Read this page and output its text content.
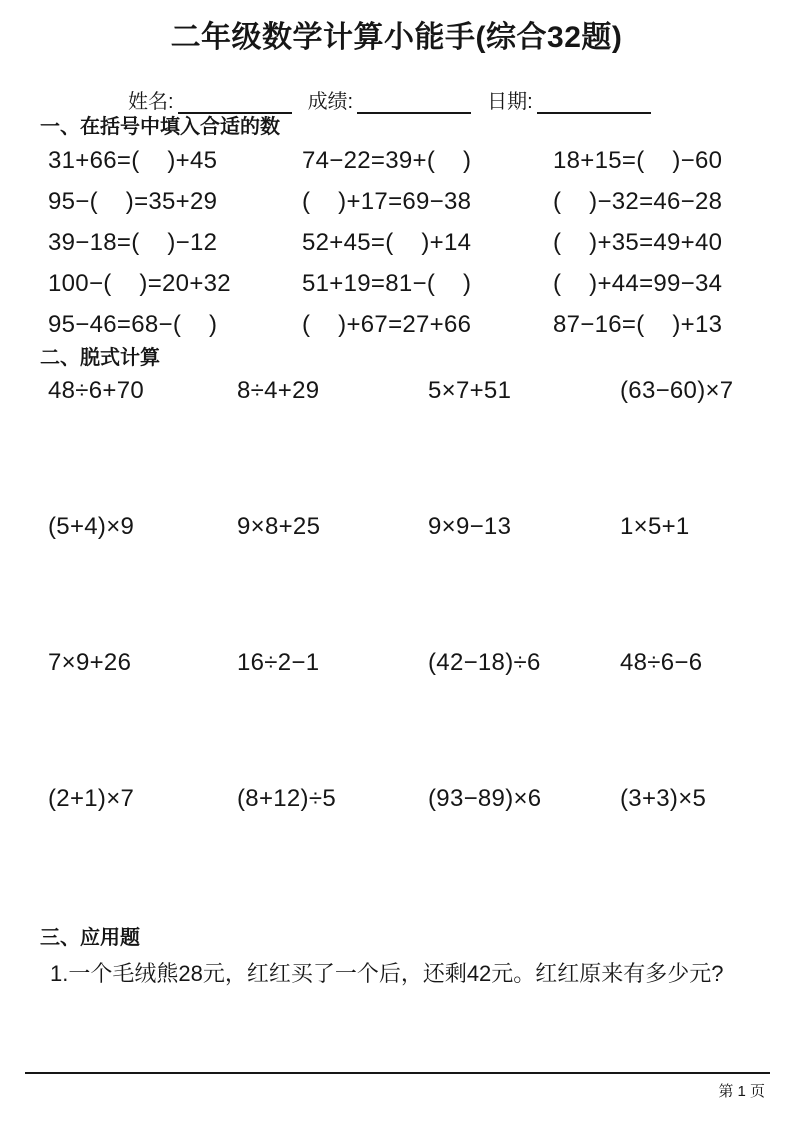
二年级数学计算小能手(综合32题)
姓名:	成绩:	日期:
一、在括号中填入合适的数
31+66=(    )+45	74−22=39+(    )	18+15=(    )−60
95−(    )=35+29	(    )+17=69−38	(    )−32=46−28
39−18=(    )−12	52+45=(    )+14	(    )+35=49+40
100−(    )=20+32	51+19=81−(    )	(    )+44=99−34
95−46=68−(    )	(    )+67=27+66	87−16=(    )+13
二、脱式计算
48÷6+70	8÷4+29	5×7+51	(63−60)×7
(5+4)×9	9×8+25	9×9−13	1×5+1
7×9+26	16÷2−1	(42−18)÷6	48÷6−6
(2+1)×7	(8+12)÷5	(93−89)×6	(3+3)×5
三、应用题
1.一个毛绒熊28元，红红买了一个后，还剩42元。红红原来有多少元?
第 1 页
